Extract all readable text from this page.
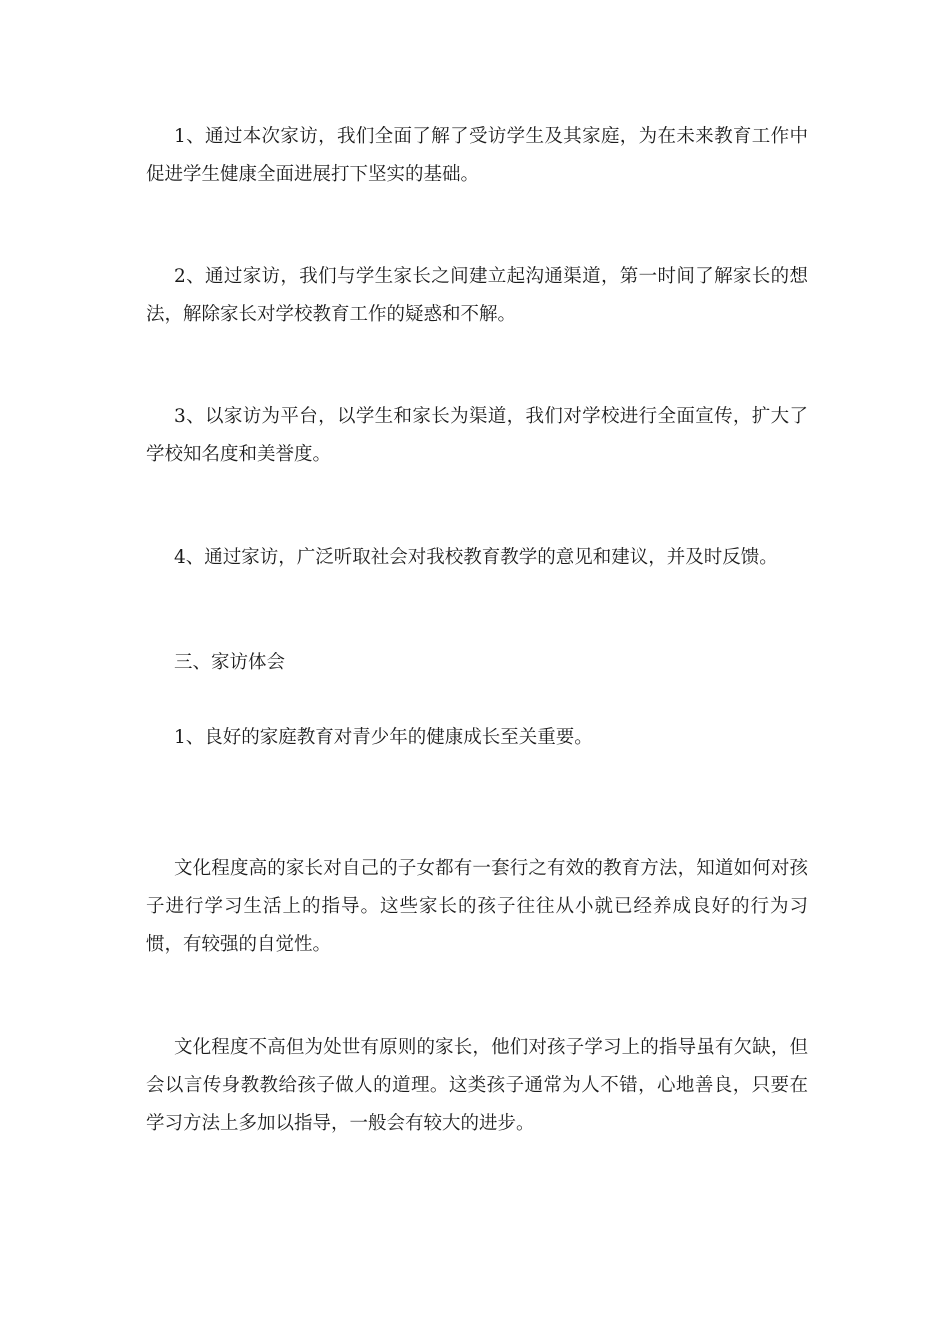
1、通过本次家访，我们全面了解了受访学生及其家庭，为在未来教育工作中促进学生健康全面进展打下坚实的基础。

2、通过家访，我们与学生家长之间建立起沟通渠道，第一时间了解家长的想法，解除家长对学校教育工作的疑惑和不解。

3、以家访为平台，以学生和家长为渠道，我们对学校进行全面宣传，扩大了学校知名度和美誉度。

4、通过家访，广泛听取社会对我校教育教学的意见和建议，并及时反馈。

三、家访体会

1、良好的家庭教育对青少年的健康成长至关重要。

文化程度高的家长对自己的子女都有一套行之有效的教育方法，知道如何对孩子进行学习生活上的指导。这些家长的孩子往往从小就已经养成良好的行为习惯，有较强的自觉性。

文化程度不高但为处世有原则的家长，他们对孩子学习上的指导虽有欠缺，但会以言传身教教给孩子做人的道理。这类孩子通常为人不错，心地善良，只要在学习方法上多加以指导，一般会有较大的进步。
